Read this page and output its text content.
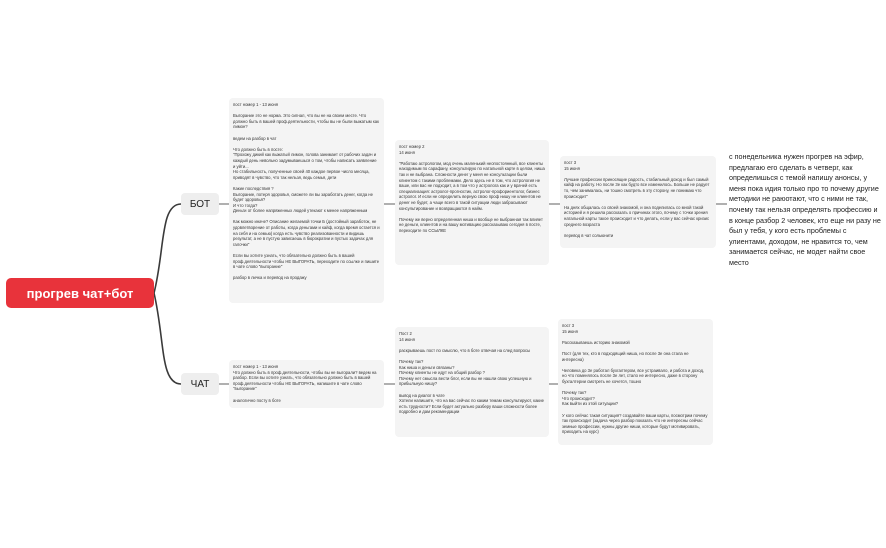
прогрев чат+бот
БОТ
ЧАТ
пост номер 1 - 13 июня

Выгорание это не норма. Это сигнал, что вы не на своем месте. Что должно быть в вашей проф.деятельности, чтобы вы не были выжатым как лимон?

ведем на разбор в чат

Что должно быть в посте:
"Прохожу дикий как выжатый лимон, голова занимает от рабочих задач и каждый день невольно задумываешься о том, чтобы написать заявление и уйти...
Но стабильность, полученные своей 40 каждое первое число месяца, приводят в чувство, что так нельзя, ведь семья, дети

Какие последствия ?
Выгорание, потеря здоровья, сможете ли вы заработать денег, когда не будет здоровья?
И что тогда?
Деньги от более напряженных людей утекают к менее напряженным

Как можно иначе? Описание желаемой точки Б (достойный заработок, не удовлетворение от работы, когда деньгами и кайф, когда время остается и на себя и на семью) когда есть чувство реализованности и видишь результат, а не в пустую зависаешь в бюрократии и пустых задачах для галочки"

Если вы хотите узнать, что обязательно должно быть в вашей проф.деятельности чтобы НЕ ВЫГОРАТЬ, переходите по ссылке и пишите в чате слово "выгорание"

разбор в личка и перевод на продажу
пост номер 2
14 июня

"Работаю астрологом, мод очень маленький неопостоянный, все клиенты находимым по сарафану, консультирую по натальной карте в целом, ниша так и не выбрана. Сложности денег у меня не консультации были клиентом с такими проблемами. Дело здесь не в том, что астрология не ваше, или вас не подходит, а в том что у астролога как и у врачей есть специализация: астролог-прогностик, астролог-профориентолог, бизнес астролог. И если не определить верную свою проф нишу не клиентов не денег не будет, а чаще всего в такой ситуации люди забрасывают консультирование и возвращаются в найм.

Почему же верно определенная ниша и вообще не выбранная так влияет не деньги, клиентов и на вашу мотивацию рассказываю сегодня в посте, переходите по ССЫЛКЕ
пост 3
15 июня

Лучшие профессии приносящие радость, стабильный доход и был самый кайф на работу. Но после 3е как будто все изменилось. Больше не радует то, чем занималась, ни тошно смотреть в эту сторону, не понимаю что происходит"

На днях общалась со своей знакомой, и она поделилась со мной такой историей и я решила рассказать о причинах этого, почему с точки зрения натальной карты такое происходит и что делать, если у вас сейчас кризис среднего возраста

перевод в чат сольюнити
с понедельника нужен прогрев на эфир, предлагаю его сделать в четверг, как определишься с темой напишу анонсы, у меня пока идия только про то почему другие методики не раюотают, что с ними не так, почему так нельзя определять профессию и в конце разбор 2 человек, кто еще ни разу не был у тебя, у кого есть проблемы с улиентами, доходом, не нравится то, чем занимается сейчас, не модет найти свое место
пост номер 1 - 13 июня
Что должно быть в проф.деятельности, чтобы вы не выгорали? ведем на разбор. Если вы хотите узнать, что обязательно должно быть в вашей проф.деятельности чтобы НЕ ВЫГОРАТЬ, напишите в чате слово "выгорание"

аналогично посту в боте
Пост 2
14 июня

раскрываешь пост по смыслю, что в боте отвечая на след вопросы

Почему так?
Как ниша и деньги связаны?
Почему клиенты не идут на общий разбор ?
Почему нет смысла вести блог, если вы не нашли свою успешную и прибыльную нишу?

вывод на диалог в чате
Хотели напишите, что на вас сейчас по каким темам консультируют, какие есть трудности? Если будет актуально разберу ваши сложности более подробно и дам рекомендации
пост 3
15 июня

Рассказываешь историю знакомой

Пост (для тех, кто в подходящий ниша, но после 3е она стала не интересна)

Человека до 3е работал бухгалтером, все устраивало, и работа и доход, но что поменялось после 3е лет, стало не интересно, даже в сторону бухгалтерии смотреть не хочется, тошно

Почему так?
Что происходит?
Как выйти из этой ситуации?

У кого сейчас такая ситуация? создавайте ваши карты, посмотрим почему так происходит (задача через разбор показать что не интересны сейчас земные профессии, нужны другие ниши, которые будут мотивировать, приходить на курс)
